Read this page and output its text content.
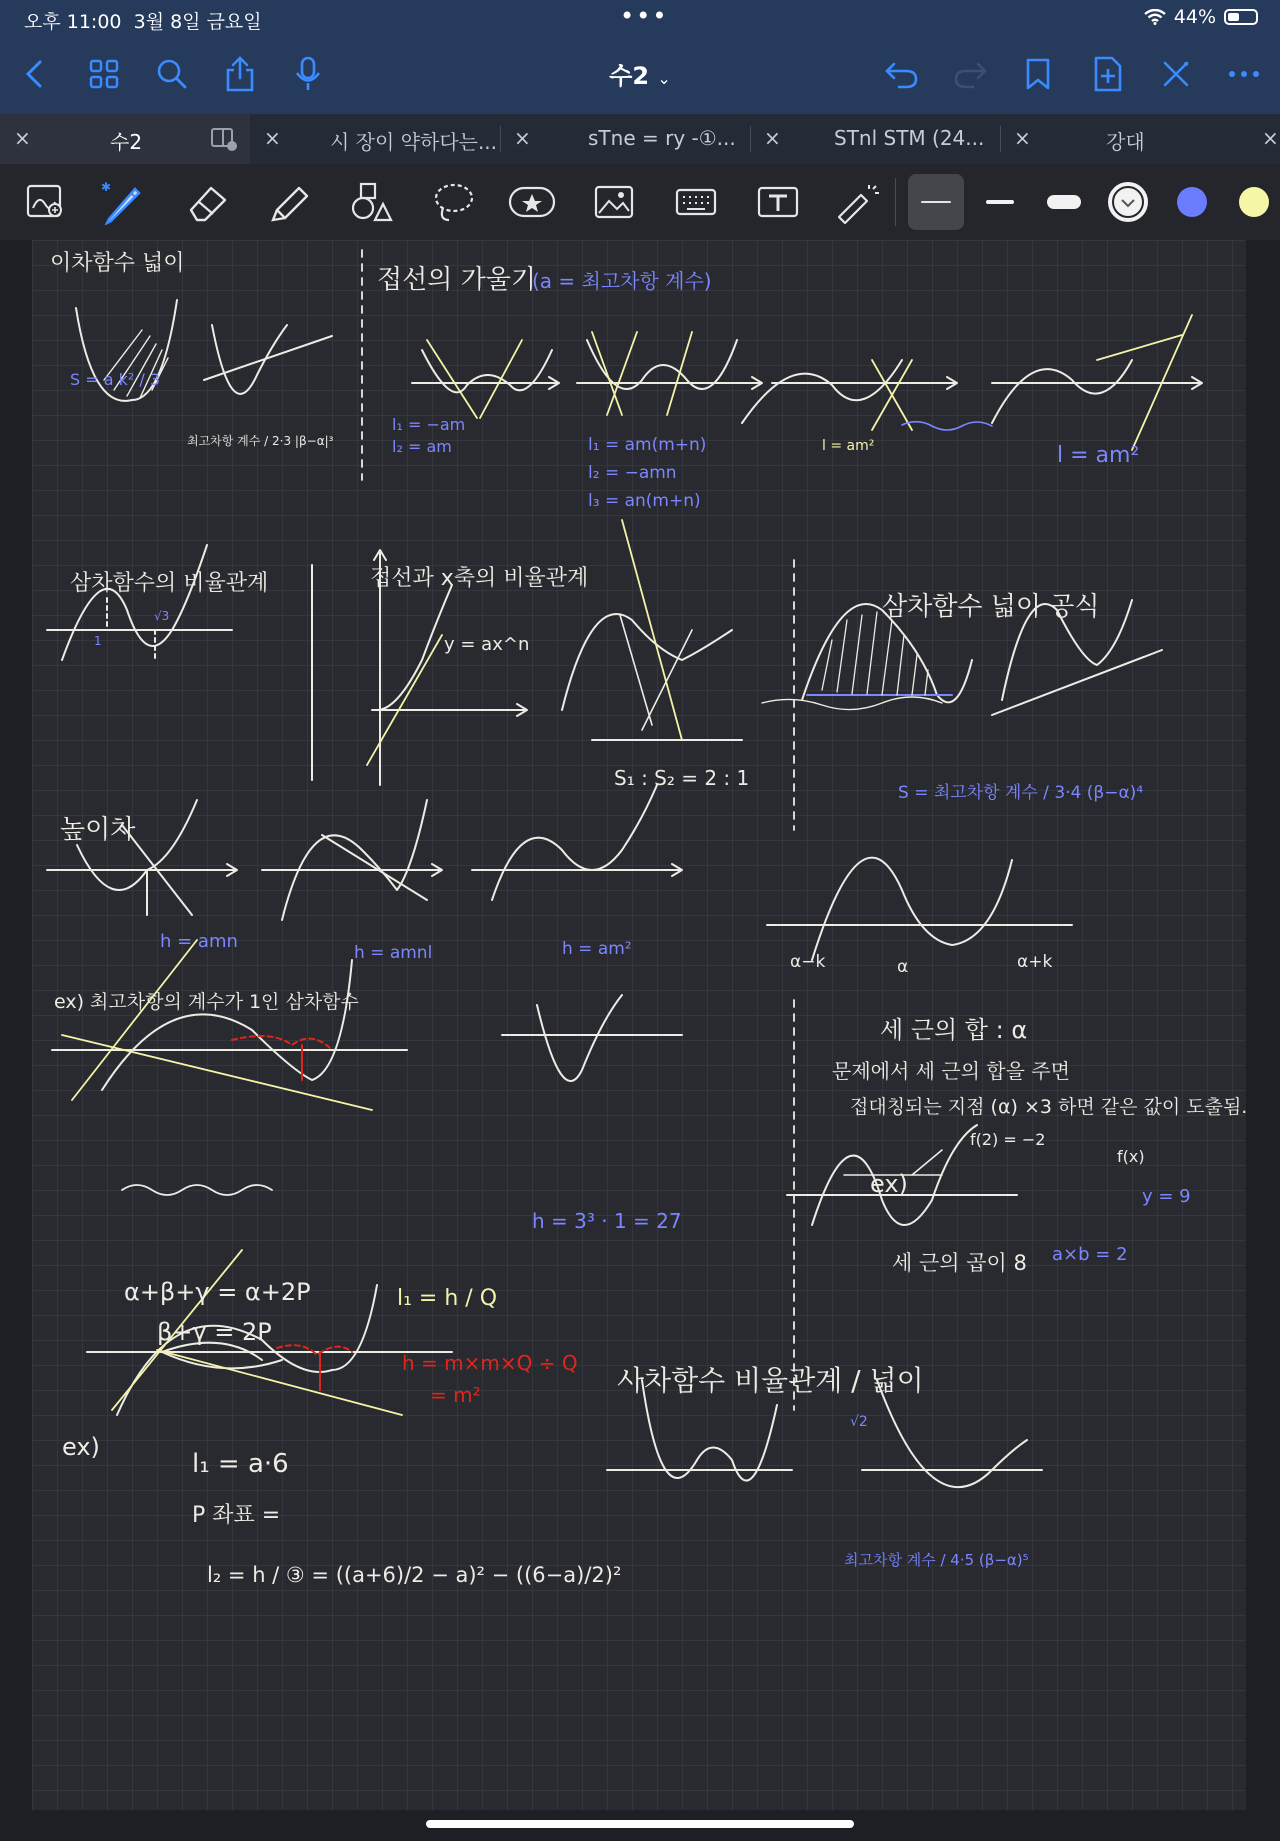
오후 11:00 3월 8일 금요일	•••	44%
수2 ⌄
×	수2	× 시 장이 약하다는... ×	sTne = ry -①... ×	STnl STM (24... ×	강대	×
✱
이차함수 넓이
S = a k² / 3
최고차항 계수 / 2·3 |β−α|³
접선의 가울기
(a = 최고차항 계수)
l₁ = −am
l₂ = am	l₁ = am(m+n)
l₂ = −amn
l₃ = an(m+n)
l = am²	l = am²
삼차함수의 비율관계
1
√3
접선과 x축의 비율관계
y = ax^n
S₁ : S₂ = 2 : 1
삼차함수 넓이 공식
S = 최고차항 계수 / 3·4 (β−α)⁴
높이차
h = amn
h = amnl	h = am²
ex) 최고차항의 계수가 1인 삼차함수
α+β+γ = α+2P
β+γ = 2P
l₁ = h / Q
h = m×m×Q ÷ Q
= m²
h = 3³ · 1 = 27
α−k	α	α+k
세 근의 합 : α
문제에서 세 근의 합을 주면
접대칭되는 지점 (α) ×3 하면 같은 값이 도출됨.
ex)
f(2) = −2
f(x)
y = 9
세 근의 곱이 8 a×b = 2
ex)
l₁ = a·6
P 좌표 =
l₂ = h / ③ = ((a+6)/2 − a)² − ((6−a)/2)²
사차함수 비율관계 / 넓이
√2
최고차항 계수 / 4·5 (β−α)⁵
